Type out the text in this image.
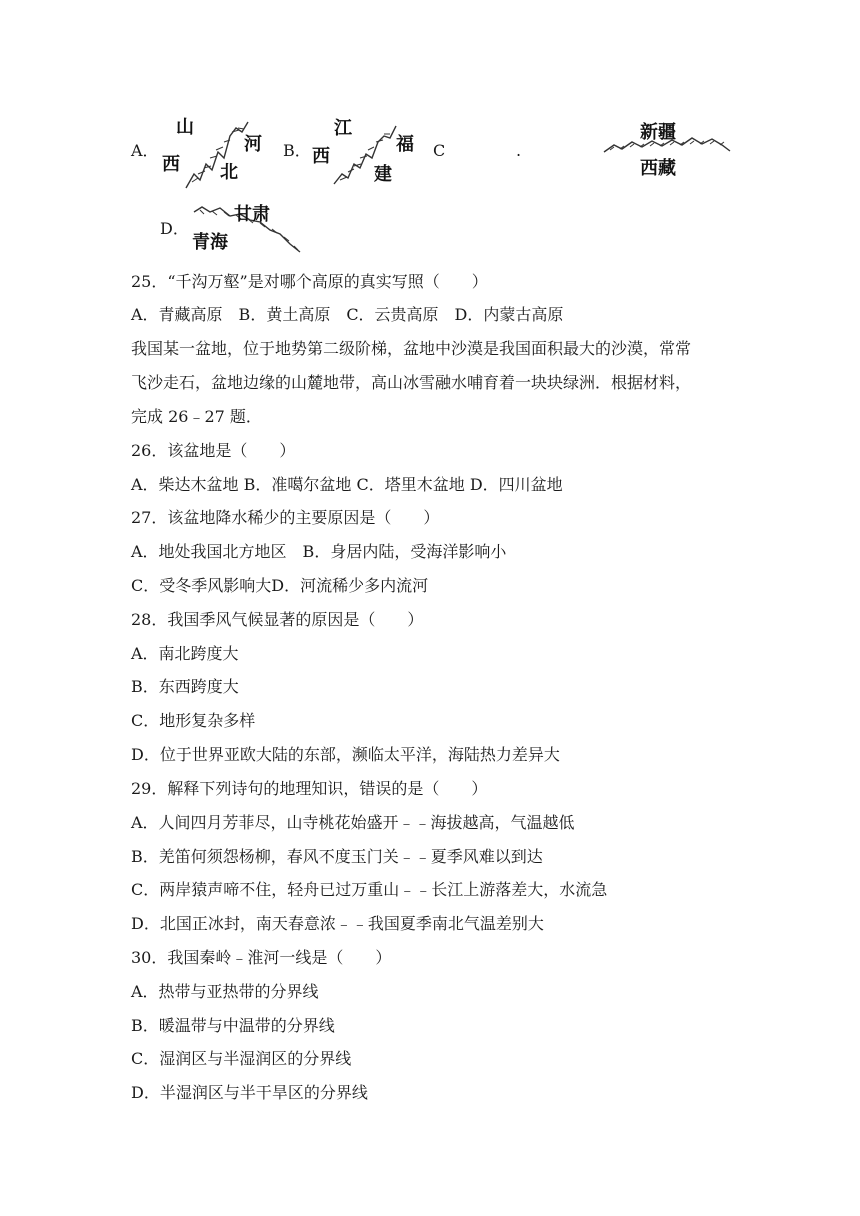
A．
山
河
西 北
B．
江
福
西
建
C	.
新疆
西藏
D．
甘肃
青海
25．“千沟万壑”是对哪个高原的真实写照（　　）
A．青藏高原　B．黄土高原　C．云贵高原　D．内蒙古高原
我国某一盆地，位于地势第二级阶梯，盆地中沙漠是我国面积最大的沙漠，常常
飞沙走石，盆地边缘的山麓地带，高山冰雪融水哺育着一块块绿洲．根据材料，
完成 26﹣27 题．
26．该盆地是（　　）
A．柴达木盆地 B．准噶尔盆地 C．塔里木盆地 D．四川盆地
27．该盆地降水稀少的主要原因是（　　）
A．地处我国北方地区　B．身居内陆，受海洋影响小
C．受冬季风影响大D．河流稀少多内流河
28．我国季风气候显著的原因是（　　）
A．南北跨度大
B．东西跨度大
C．地形复杂多样
D．位于世界亚欧大陆的东部，濒临太平洋，海陆热力差异大
29．解释下列诗句的地理知识，错误的是（　　）
A．人间四月芳菲尽，山寺桃花始盛开﹣﹣海拔越高，气温越低
B．羌笛何须怨杨柳，春风不度玉门关﹣﹣夏季风难以到达
C．两岸猿声啼不住，轻舟已过万重山﹣﹣长江上游落差大，水流急
D．北国正冰封，南天春意浓﹣﹣我国夏季南北气温差别大
30．我国秦岭﹣淮河一线是（　　）
A．热带与亚热带的分界线
B．暖温带与中温带的分界线
C．湿润区与半湿润区的分界线
D．半湿润区与半干旱区的分界线
